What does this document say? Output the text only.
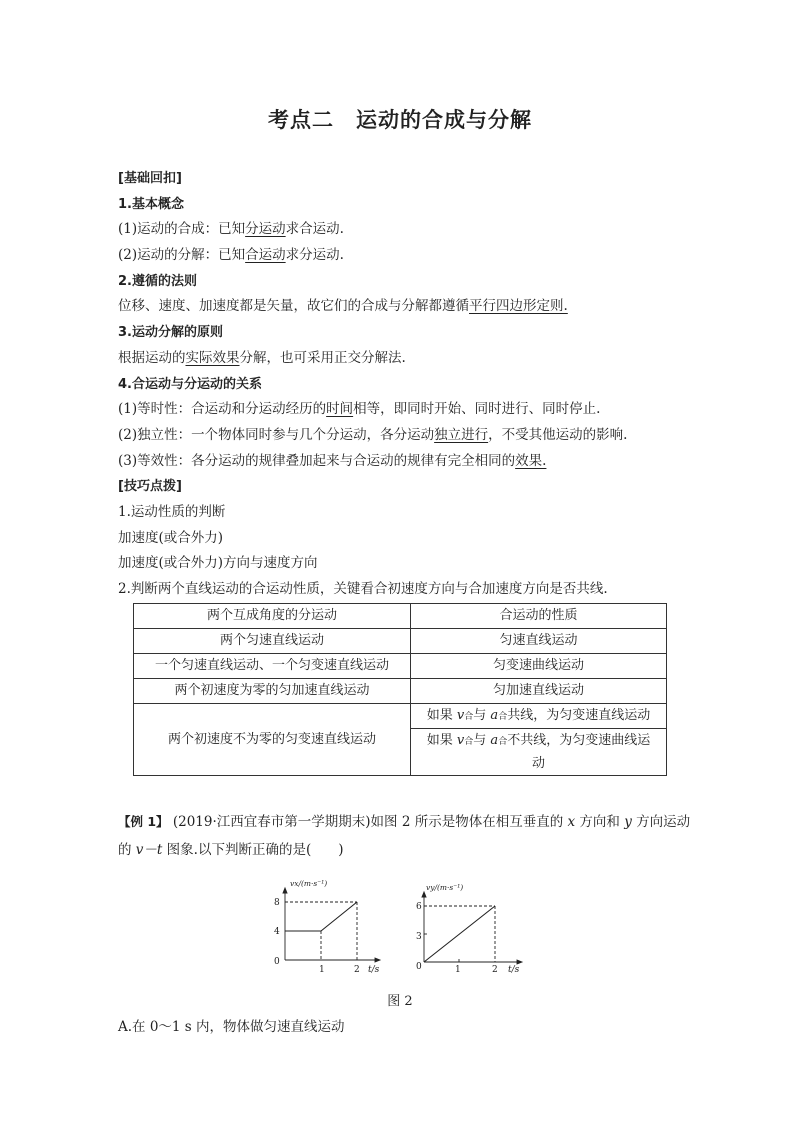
考点二 运动的合成与分解
[基础回扣]
1.基本概念
(1)运动的合成：已知分运动求合运动.
(2)运动的分解：已知合运动求分运动.
2.遵循的法则
位移、速度、加速度都是矢量，故它们的合成与分解都遵循平行四边形定则.
3.运动分解的原则
根据运动的实际效果分解，也可采用正交分解法.
4.合运动与分运动的关系
(1)等时性：合运动和分运动经历的时间相等，即同时开始、同时进行、同时停止.
(2)独立性：一个物体同时参与几个分运动，各分运动独立进行，不受其他运动的影响.
(3)等效性：各分运动的规律叠加起来与合运动的规律有完全相同的效果.
[技巧点拨]
1.运动性质的判断
加速度(或合外力)
加速度(或合外力)方向与速度方向
2.判断两个直线运动的合运动性质，关键看合初速度方向与合加速度方向是否共线.
两个互成角度的分运动	合运动的性质
两个匀速直线运动	匀速直线运动
一个匀速直线运动、一个匀变速直线运动	匀变速曲线运动
两个初速度为零的匀加速直线运动	匀加速直线运动
两个初速度不为零的匀变速直线运动	如果 v合与 a合共线，为匀变速直线运动
	如果 v合与 a合不共线，为匀变速曲线运
动
【例 1】 (2019·江西宜春市第一学期期末)如图 2 所示是物体在相互垂直的 x 方向和 y 方向运动
的 v－t 图象.以下判断正确的是(　　)
vx/(m·s⁻¹)
8
4
0
1	2 t/s
vy/(m·s⁻¹)
6
3
0	1	2 t/s
图 2
A.在 0～1 s 内，物体做匀速直线运动
